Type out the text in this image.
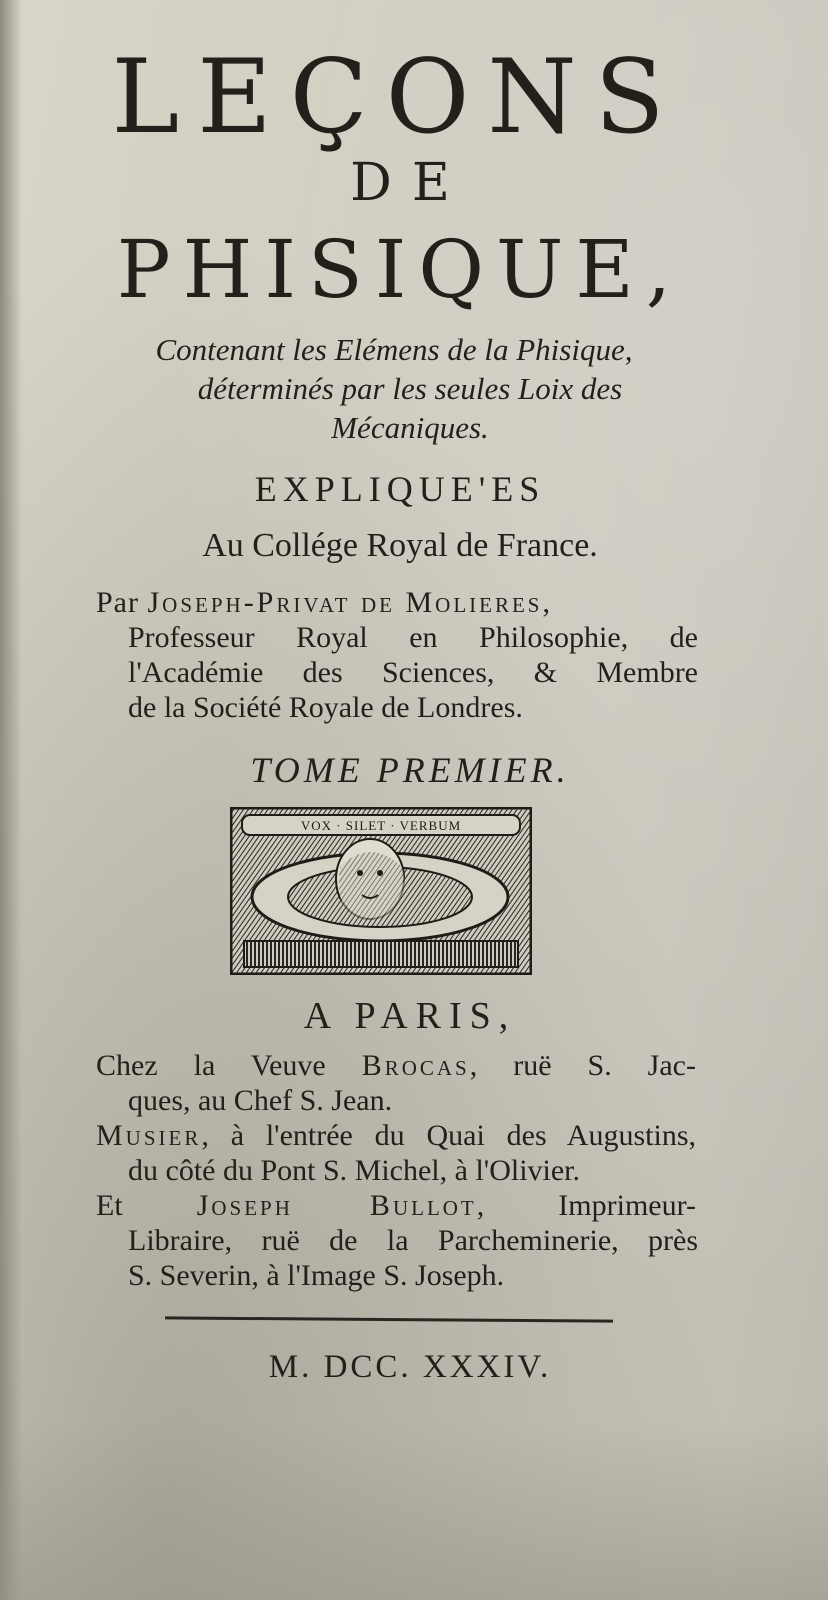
LEÇONS
DE
PHISIQUE,
Contenant les Elémens de la Phisique,
déterminés par les seules Loix des
Mécaniques.
EXPLIQUE'ES
Au Collége Royal de France.
Par Joseph-Privat de Molieres,
Professeur Royal en Philosophie, de
l'Académie des Sciences, & Membre
de la Société Royale de Londres.
TOME PREMIER.
VOX · SILET · VERBUM
A PARIS,
Chez la Veuve Brocas, ruë S. Jac-
ques, au Chef S. Jean.
Musier, à l'entrée du Quai des Augustins,
du côté du Pont S. Michel, à l'Olivier.
Et Joseph Bullot, Imprimeur-
Libraire, ruë de la Parcheminerie, près
S. Severin, à l'Image S. Joseph.
M. DCC. XXXIV.
